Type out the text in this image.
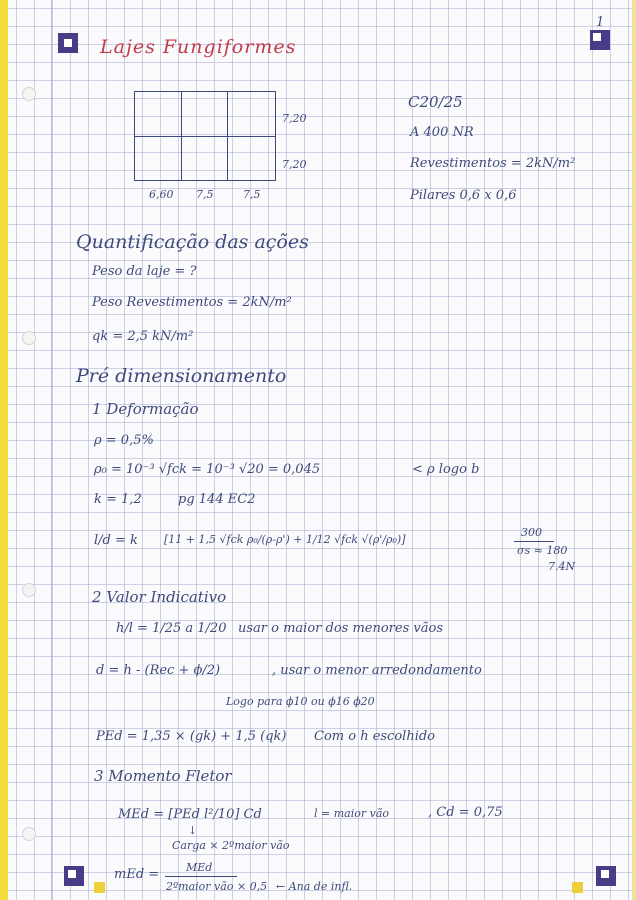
1
Lajes Fungiformes
7,20
7,20
6,60 7,5	7,5
C20/25
A 400 NR
Revestimentos = 2kN/m²
Pilares 0,6 x 0,6
Quantificação das ações
Peso da laje = ?
Peso Revestimentos = 2kN/m²
qk = 2,5 kN/m²
Pré dimensionamento
1 Deformação
ρ = 0,5%
ρ₀ = 10⁻³ √fck = 10⁻³ √20 = 0,045	< ρ logo b
k = 1,2	pg 144 EC2
l/d = k [11 + 1,5 √fck ρ₀/(ρ-ρ') + 1/12 √fck √(ρ'/ρ₀)]
300
σs ≈ 180
7.4N
2 Valor Indicativo
h/l = 1/25 a 1/20 usar o maior dos menores vãos
d = h - (Rec + ϕ/2)	, usar o menor arredondamento
Logo para ϕ10 ou ϕ16 ϕ20
PEd = 1,35 × (gk) + 1,5 (qk) Com o h escolhido
3 Momento Fletor
MEd = [PEd l²/10] Cd	l = maior vão	, Cd = 0,75
↓
Carga × 2ºmaior vão
mEd = MEd
2ºmaior vão × 0,5 ← Ana de infl.
